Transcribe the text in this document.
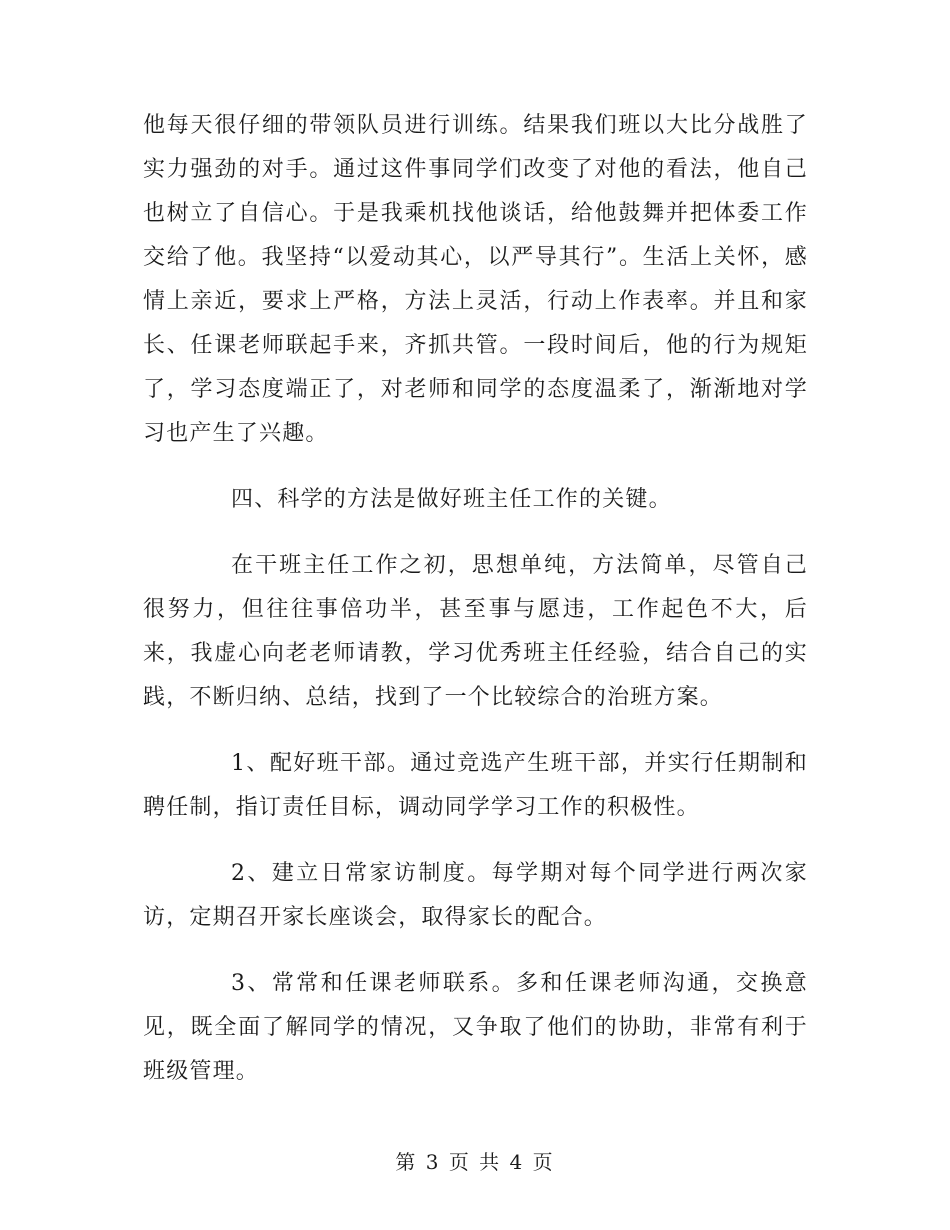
他每天很仔细的带领队员进行训练。结果我们班以大比分战胜了实力强劲的对手。通过这件事同学们改变了对他的看法，他自己也树立了自信心。于是我乘机找他谈话，给他鼓舞并把体委工作交给了他。我坚持“以爱动其心，以严导其行”。生活上关怀，感情上亲近，要求上严格，方法上灵活，行动上作表率。并且和家长、任课老师联起手来，齐抓共管。一段时间后，他的行为规矩了，学习态度端正了，对老师和同学的态度温柔了，渐渐地对学习也产生了兴趣。

四、科学的方法是做好班主任工作的关键。

在干班主任工作之初，思想单纯，方法简单，尽管自己很努力，但往往事倍功半，甚至事与愿违，工作起色不大，后来，我虚心向老老师请教，学习优秀班主任经验，结合自己的实践，不断归纳、总结，找到了一个比较综合的治班方案。

1、配好班干部。通过竞选产生班干部，并实行任期制和聘任制，指订责任目标，调动同学学习工作的积极性。

2、建立日常家访制度。每学期对每个同学进行两次家访，定期召开家长座谈会，取得家长的配合。

3、常常和任课老师联系。多和任课老师沟通，交换意见，既全面了解同学的情况，又争取了他们的协助，非常有利于班级管理。

第 3 页 共 4 页
